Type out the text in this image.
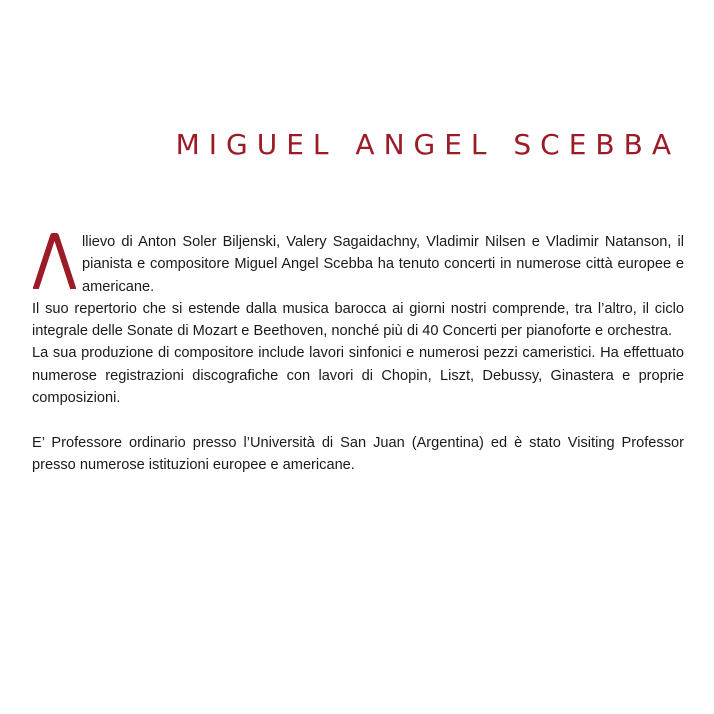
MIGUEL ANGEL SCEBBA

llievo di Anton Soler Biljenski, Valery Sagaidachny, Vladimir Nilsen e Vladimir Natanson, il pianista e compositore Miguel Angel Scebba ha tenuto concerti in numerose città europee e americane.

Il suo repertorio che si estende dalla musica barocca ai giorni nostri comprende, tra l’altro, il ciclo integrale delle Sonate di Mozart e Beethoven, nonché più di 40 Concerti per pianoforte e orchestra.

La sua produzione di compositore include lavori sinfonici e numerosi pezzi cameristici. Ha effettuato numerose registrazioni discografiche con lavori di Chopin, Liszt, Debussy, Ginastera e proprie composizioni.

E’ Professore ordinario presso l’Università di San Juan (Argentina) ed è stato Visiting Professor presso numerose istituzioni europee e americane.
